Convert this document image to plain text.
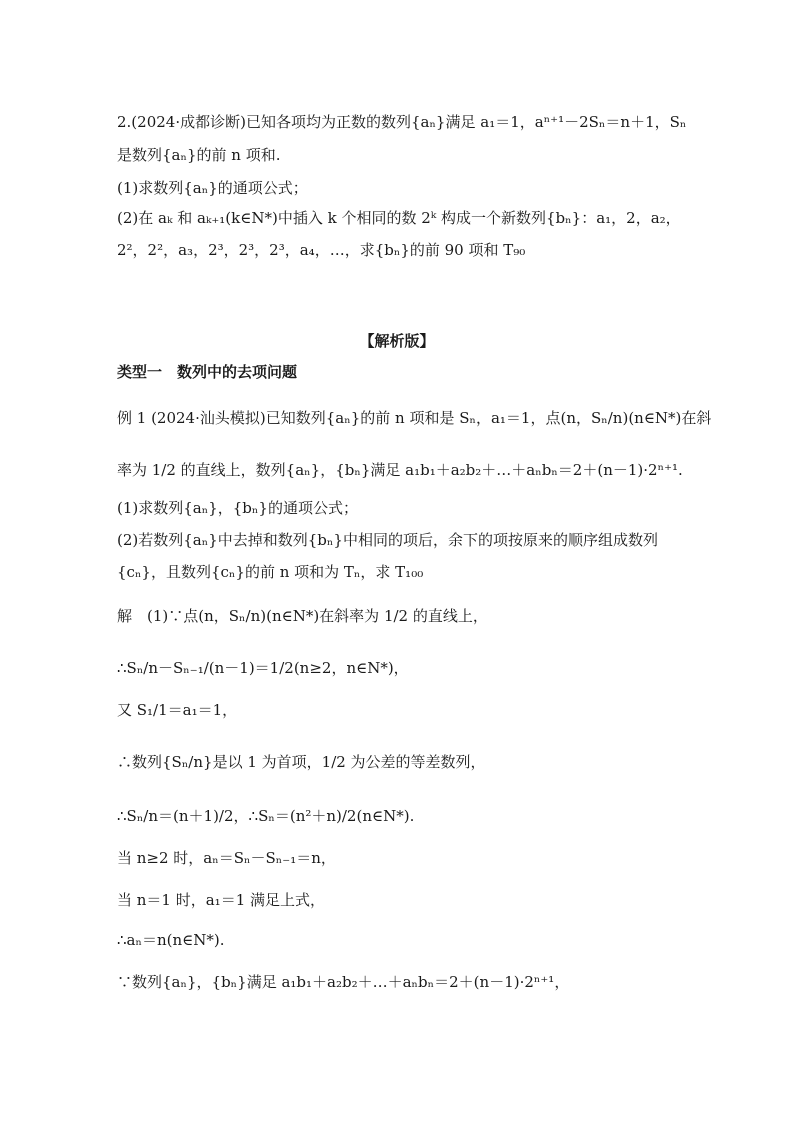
2.(2024·成都诊断)已知各项均为正数的数列{aₙ}满足 a₁＝1，aⁿ⁺¹－2Sₙ＝n＋1，Sₙ
是数列{aₙ}的前 n 项和.
(1)求数列{aₙ}的通项公式；
(2)在 aₖ 和 aₖ₊₁(k∈N*)中插入 k 个相同的数 2ᵏ 构成一个新数列{bₙ}：a₁，2，a₂，
2²，2²，a₃，2³，2³，2³，a₄，…，求{bₙ}的前 90 项和 T₉₀
【解析版】
类型一　数列中的去项问题
例 1 (2024·汕头模拟)已知数列{aₙ}的前 n 项和是 Sₙ，a₁＝1，点(n，Sₙ/n)(n∈N*)在斜
率为 1/2 的直线上，数列{aₙ}，{bₙ}满足 a₁b₁＋a₂b₂＋…＋aₙbₙ＝2＋(n－1)·2ⁿ⁺¹.
(1)求数列{aₙ}，{bₙ}的通项公式；
(2)若数列{aₙ}中去掉和数列{bₙ}中相同的项后，余下的项按原来的顺序组成数列
{cₙ}，且数列{cₙ}的前 n 项和为 Tₙ，求 T₁₀₀
解　(1)∵点(n，Sₙ/n)(n∈N*)在斜率为 1/2 的直线上，
∴Sₙ/n－Sₙ₋₁/(n－1)＝1/2(n≥2，n∈N*)，
又 S₁/1＝a₁＝1，
∴数列{Sₙ/n}是以 1 为首项，1/2 为公差的等差数列，
∴Sₙ/n＝(n＋1)/2，∴Sₙ＝(n²＋n)/2(n∈N*).
当 n≥2 时，aₙ＝Sₙ－Sₙ₋₁＝n，
当 n＝1 时，a₁＝1 满足上式，
∴aₙ＝n(n∈N*).
∵数列{aₙ}，{bₙ}满足 a₁b₁＋a₂b₂＋…＋aₙbₙ＝2＋(n－1)·2ⁿ⁺¹，
